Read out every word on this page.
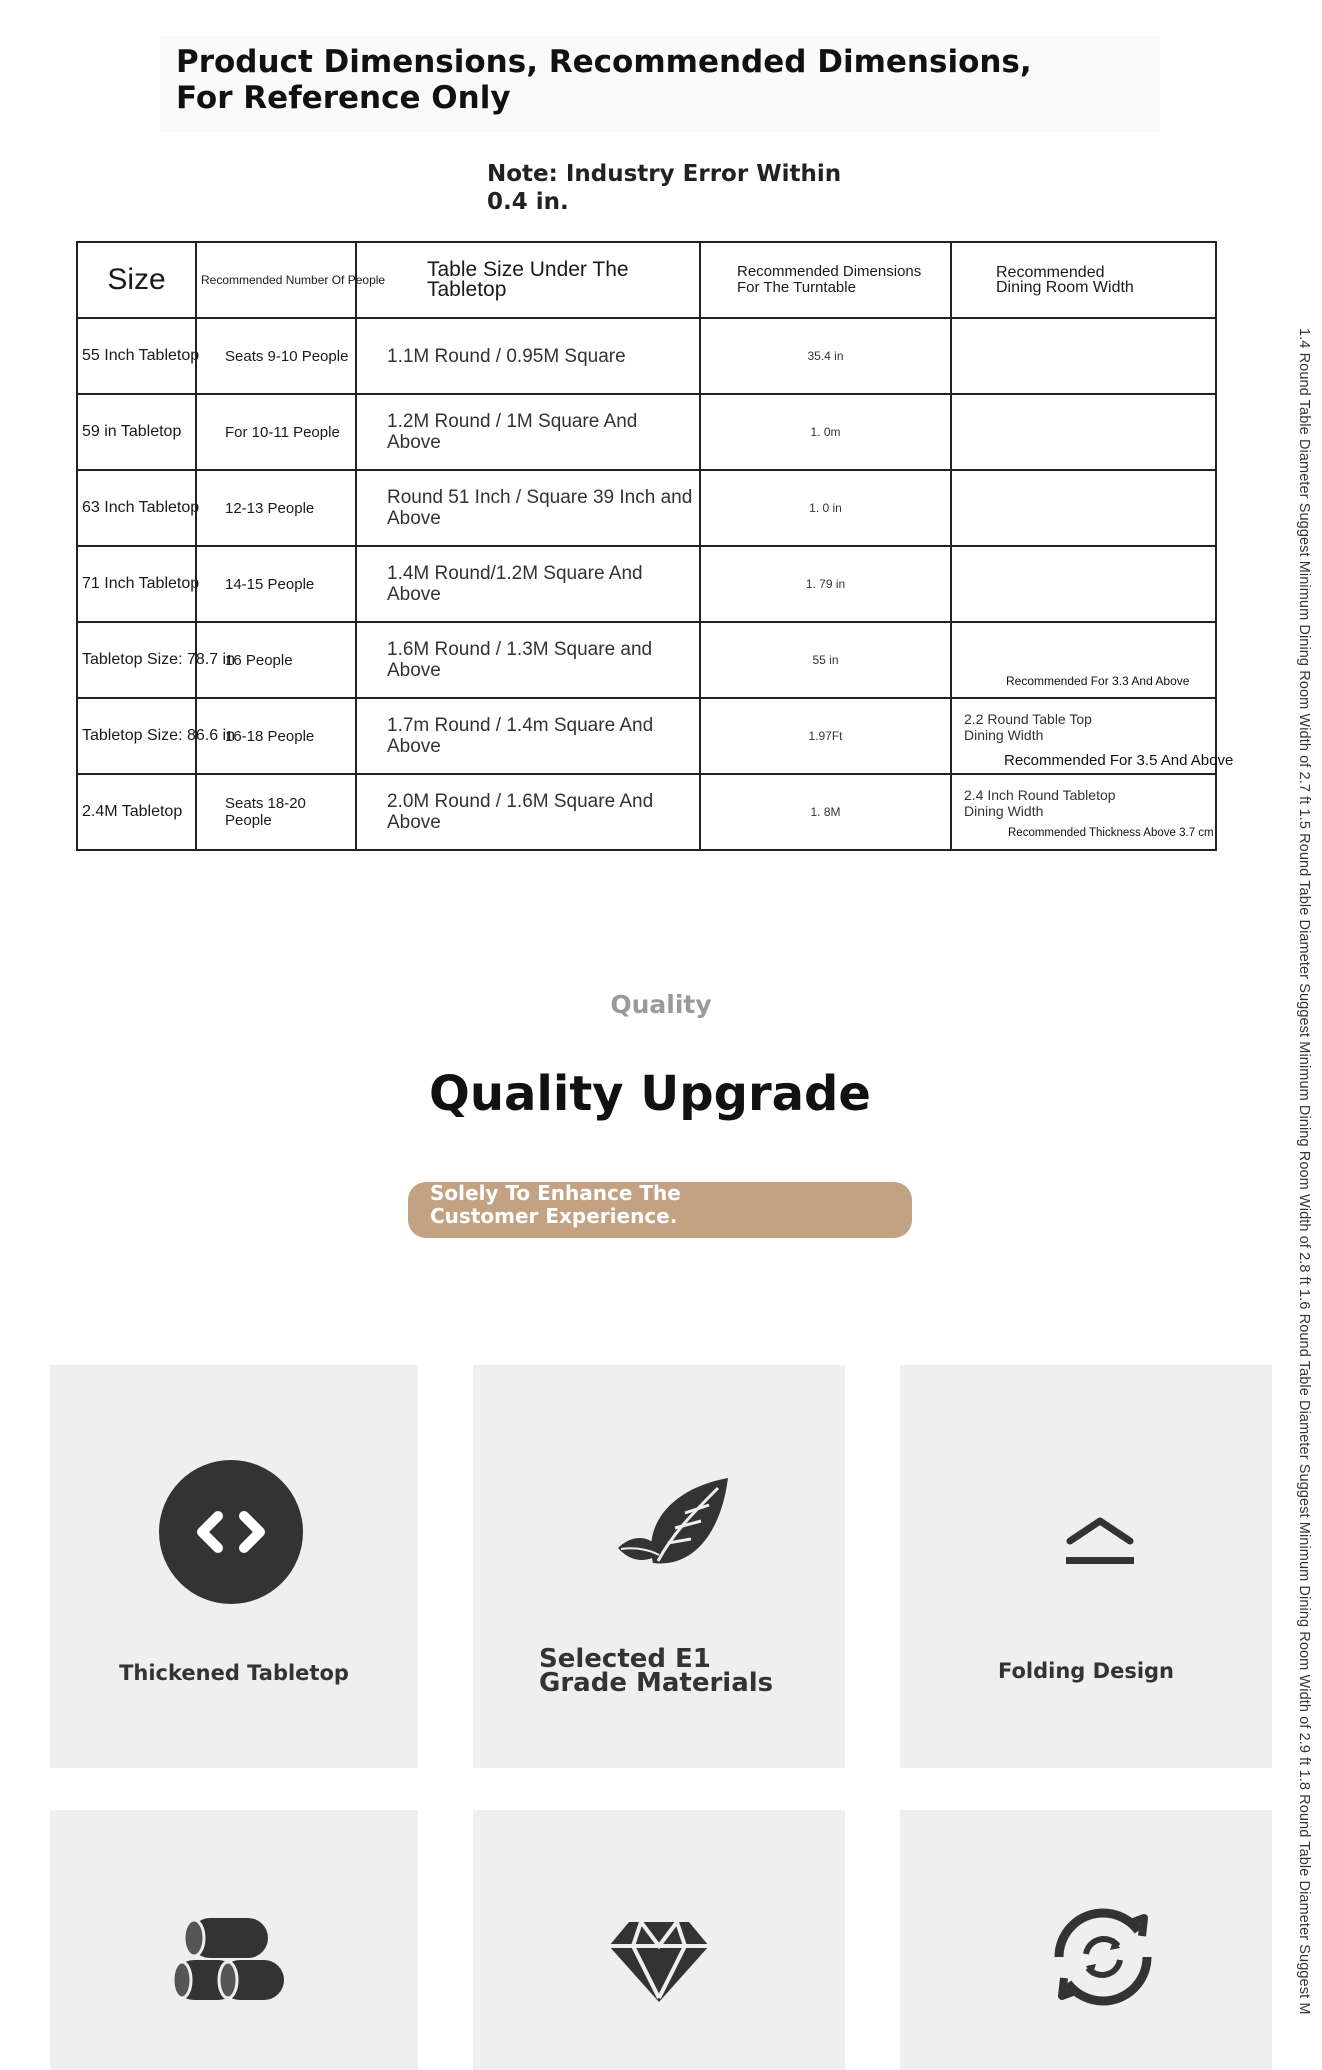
Product Dimensions, Recommended Dimensions, For Reference Only
Note: Industry Error Within 0.4 in.
Size	Recommended Number Of People	Table Size Under The Tabletop	Recommended Dimensions For The Turntable	Recommended Dining Room Width
55 Inch Tabletop	Seats 9-10 People	1.1M Round / 0.95M Square	35.4 in	

59 in Tabletop	For 10-11 People	1.2M Round / 1M Square And Above	1. 0m	

63 Inch Tabletop	12-13 People	Round 51 Inch / Square 39 Inch and Above	1. 0 in	

71 Inch Tabletop	14-15 People	1.4M Round/1.2M Square And Above	1. 79 in	

Tabletop Size: 78.7 in	16 People	1.6M Round / 1.3M Square and Above	55 in	Recommended For 3.3 And Above

Tabletop Size: 86.6 in	16-18 People	1.7m Round / 1.4m Square And Above	1.97Ft	2.2 Round Table Top Dining Width
Recommended For 3.5 And Above

2.4M Tabletop	Seats 18-20 People	2.0M Round / 1.6M Square And Above	1. 8M	2.4 Inch Round Tabletop Dining Width
Recommended Thickness Above 3.7 cm	1.4 Round Table Diameter Suggest Minimum Dining Room Width of 2.7 ft 1.5 Round Table Diameter Suggest Minimum Dining Room Width of 2.8 ft 1.6 Round Table Diameter Suggest Minimum Dining Room Width of 2.9 ft 1.8 Round Table Diameter Suggest M
Quality
Quality Upgrade
Solely To Enhance The Customer Experience.
Thickened Tabletop	Selected E1 Grade Materials	Folding Design
